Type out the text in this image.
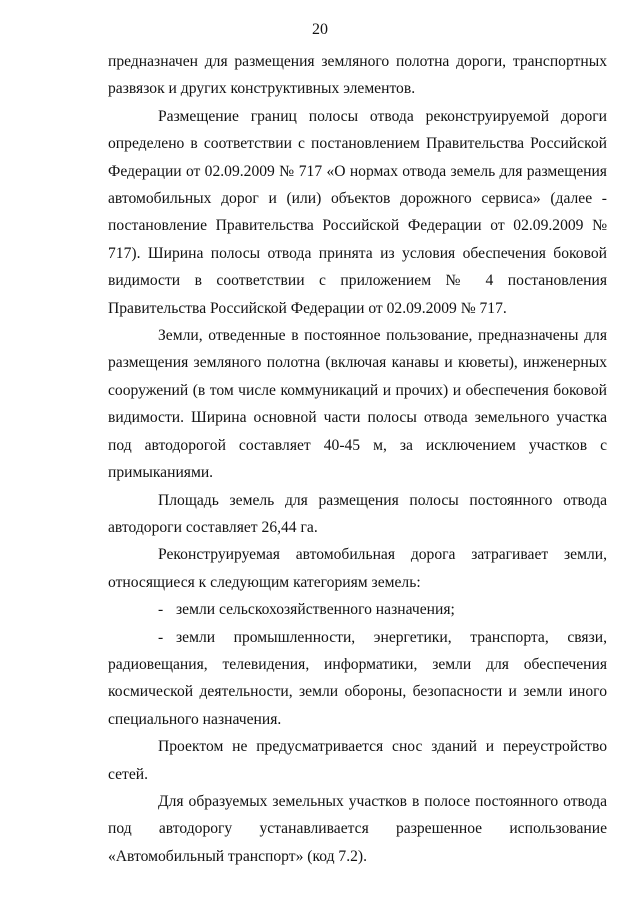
20

предназначен для размещения земляного полотна дороги, транспортных развязок и других конструктивных элементов.

Размещение границ полосы отвода реконструируемой дороги определено в соответствии с постановлением Правительства Российской Федерации от 02.09.2009 № 717 «О нормах отвода земель для размещения автомобильных дорог и (или) объектов дорожного сервиса» (далее - постановление Правительства Российской Федерации от 02.09.2009 № 717). Ширина полосы отвода принята из условия обеспечения боковой видимости в соответствии с приложением № 4 постановления Правительства Российской Федерации от 02.09.2009 № 717.

Земли, отведенные в постоянное пользование, предназначены для размещения земляного полотна (включая канавы и кюветы), инженерных сооружений (в том числе коммуникаций и прочих) и обеспечения боковой видимости. Ширина основной части полосы отвода земельного участка под автодорогой составляет 40-45 м, за исключением участков с примыканиями.

Площадь земель для размещения полосы постоянного отвода автодороги составляет 26,44 га.

Реконструируемая автомобильная дорога затрагивает земли, относящиеся к следующим категориям земель:

- земли сельскохозяйственного назначения;
- земли промышленности, энергетики, транспорта, связи, радиовещания, телевидения, информатики, земли для обеспечения космической деятельности, земли обороны, безопасности и земли иного специального назначения.

Проектом не предусматривается снос зданий и переустройство сетей.

Для образуемых земельных участков в полосе постоянного отвода под автодорогу устанавливается разрешенное использование «Автомобильный транспорт» (код 7.2).
